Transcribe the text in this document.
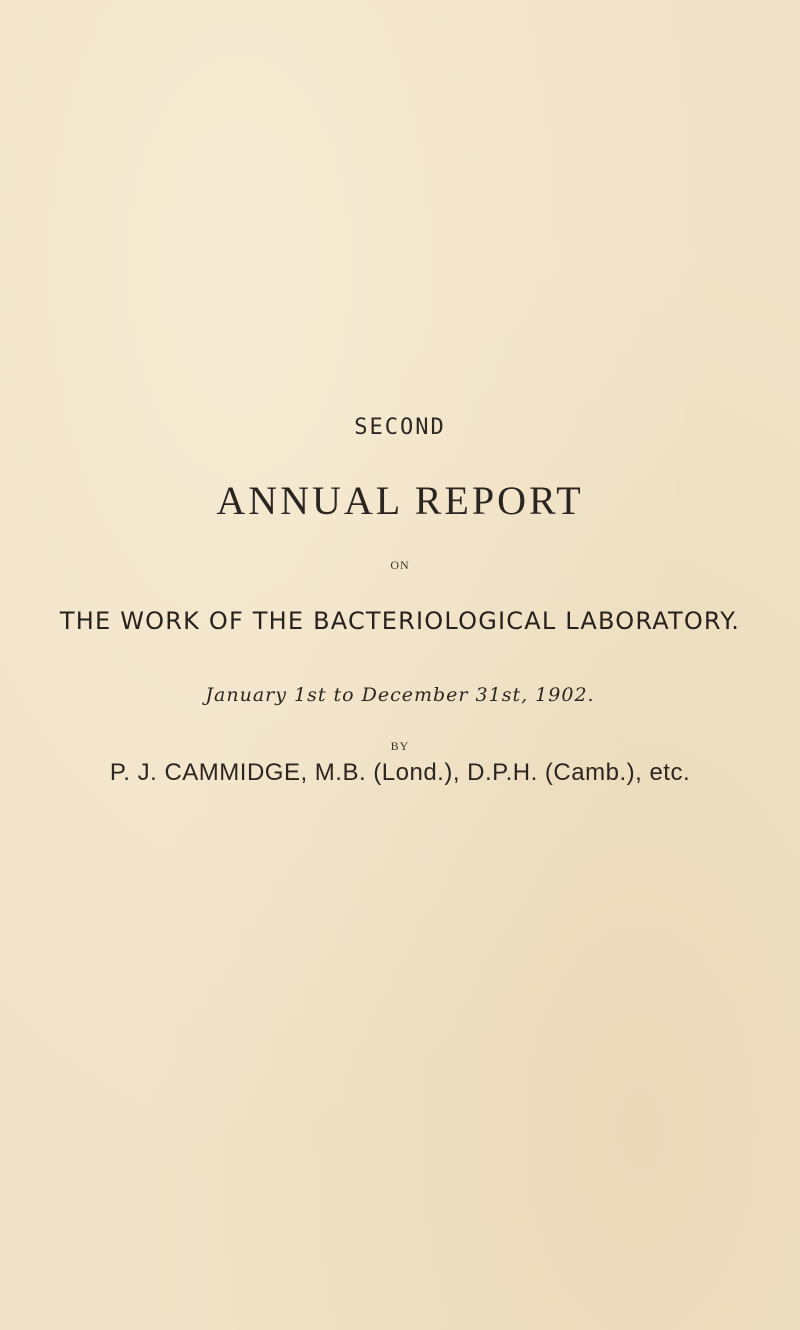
SECOND

ANNUAL REPORT

ON

THE WORK OF THE BACTERIOLOGICAL LABORATORY.

January 1st to December 31st, 1902.

BY

P. J. CAMMIDGE, M.B. (Lond.), D.P.H. (Camb.), etc.
